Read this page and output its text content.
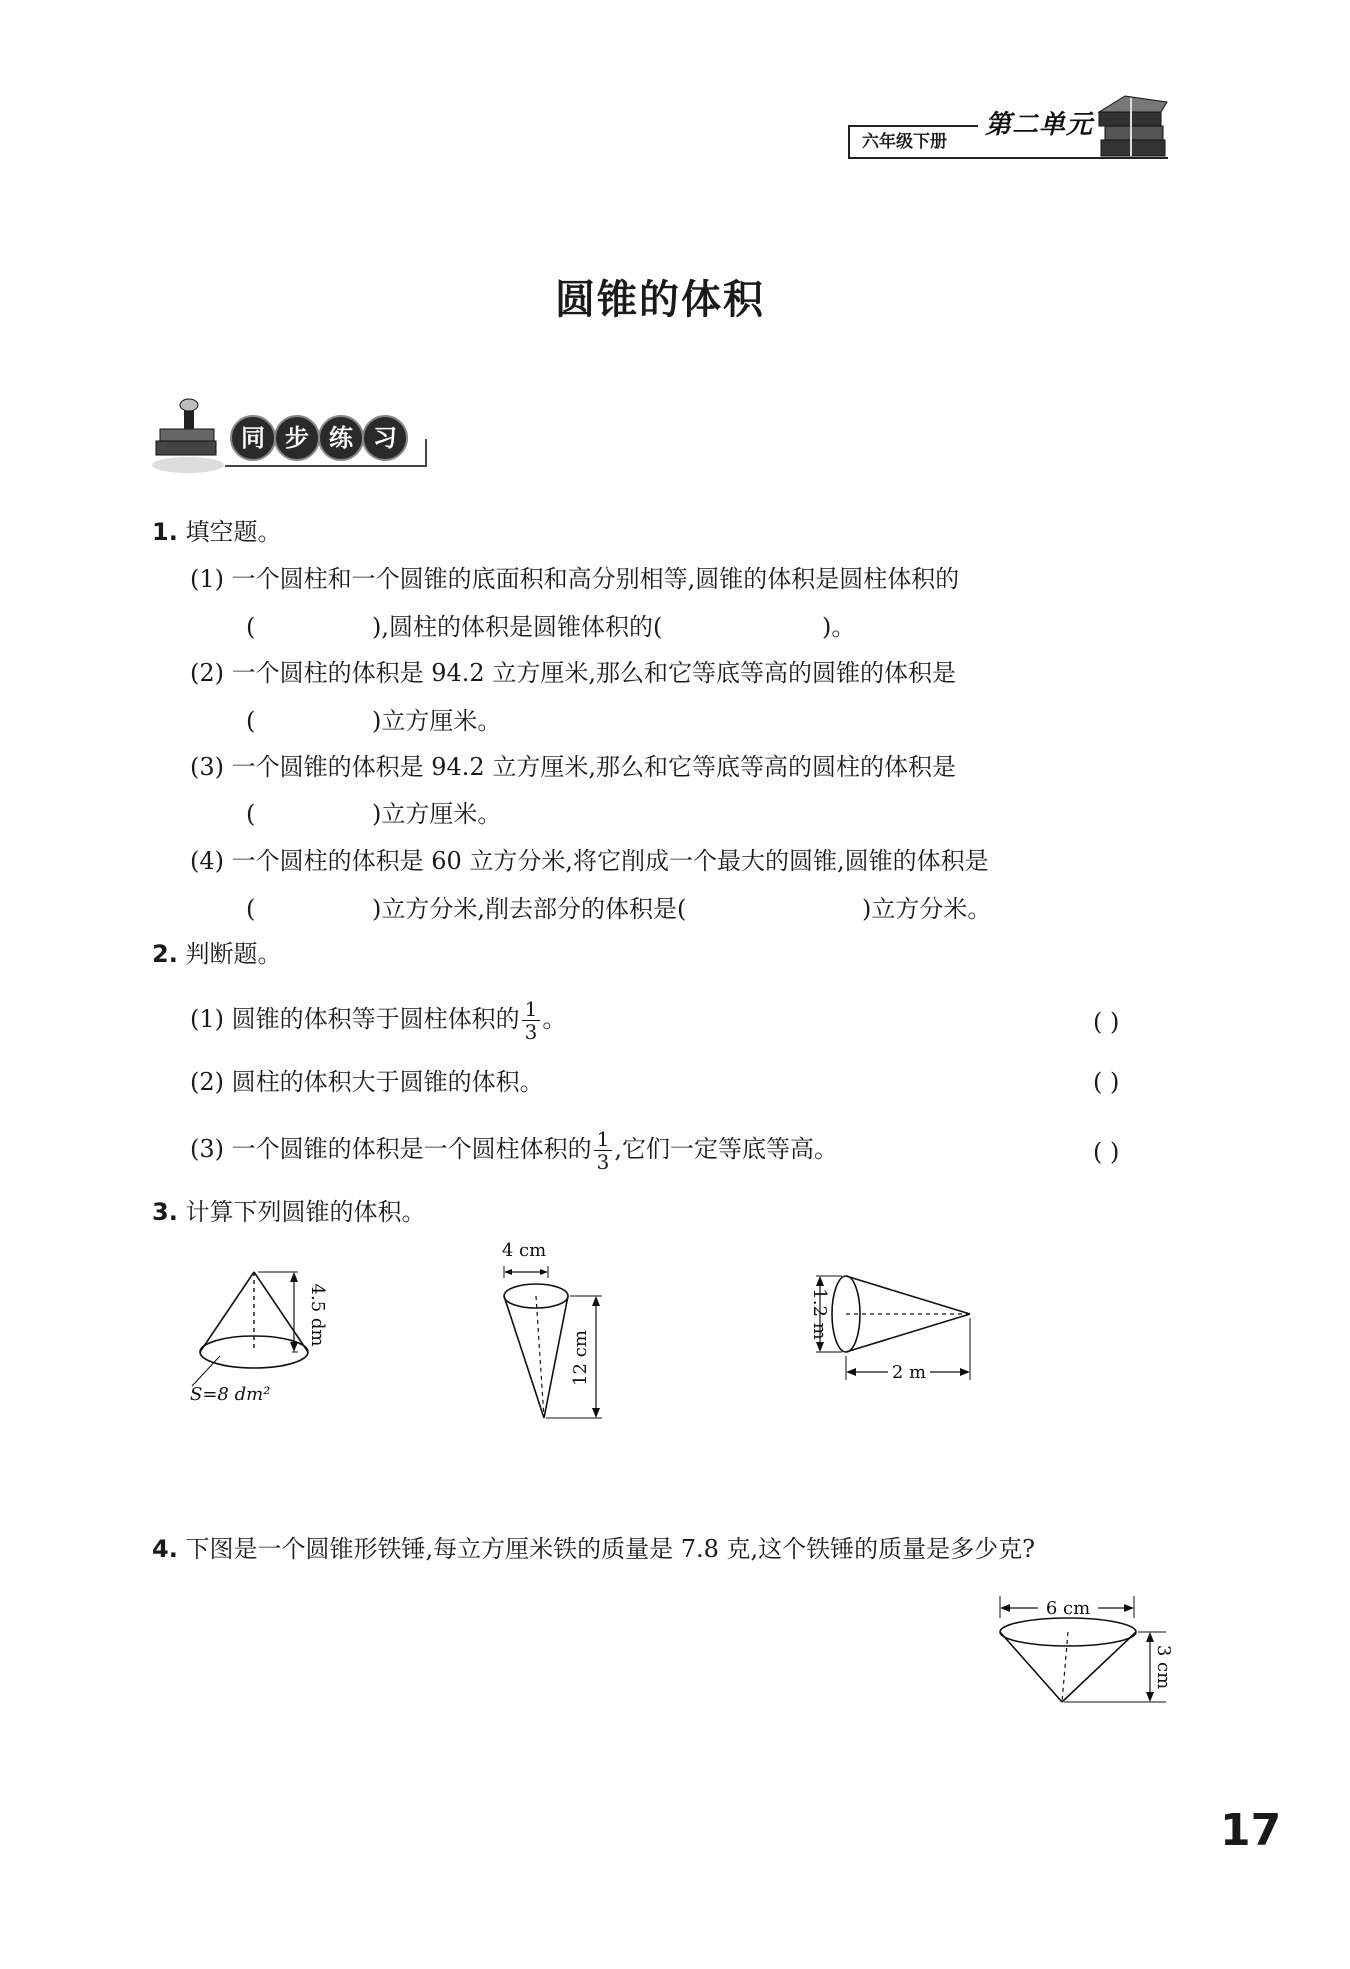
第二单元
六年级下册
圆锥的体积
同 步 练 习
1. 填空题。
(1) 一个圆柱和一个圆锥的底面积和高分别相等,圆锥的体积是圆柱体积的
(	),圆柱的体积是圆锥体积的(	)。
(2) 一个圆柱的体积是 94.2 立方厘米,那么和它等底等高的圆锥的体积是
(	)立方厘米。
(3) 一个圆锥的体积是 94.2 立方厘米,那么和它等底等高的圆柱的体积是
(	)立方厘米。
(4) 一个圆柱的体积是 60 立方分米,将它削成一个最大的圆锥,圆锥的体积是
(	)立方分米,削去部分的体积是(	)立方分米。
2. 判断题。
(1) 圆锥的体积等于圆柱体积的 $\frac{1}{3}$ 。	( )
(2) 圆柱的体积大于圆锥的体积。	( )
(3) 一个圆锥的体积是一个圆柱体积的 $\frac{1}{3}$ ,它们一定等底等高。	( )
3. 计算下列圆锥的体积。
4.5 dm
S=8 dm²
4 cm
12 cm
1.2 m
2 m
4. 下图是一个圆锥形铁锤,每立方厘米铁的质量是 7.8 克,这个铁锤的质量是多少克?
6 cm
3 cm
17
